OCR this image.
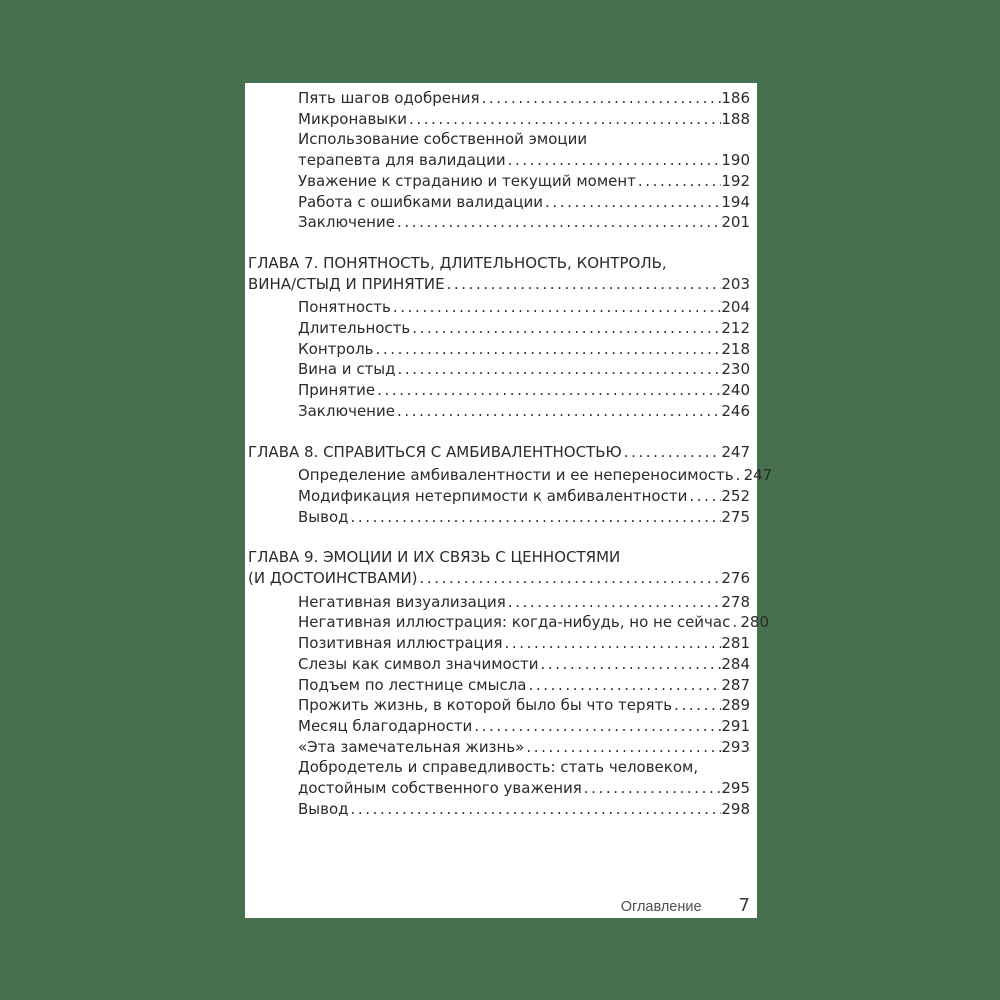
Пять шагов одобрения .....	186
Микронавыки .....	188
Использование собственной эмоции
терапевта для валидации .....	190
Уважение к страданию и текущий момент .....	192
Работа с ошибками валидации .....	194
Заключение .....	201
ГЛАВА 7. ПОНЯТНОСТЬ, ДЛИТЕЛЬНОСТЬ, КОНТРОЛЬ,
ВИНА/СТЫД И ПРИНЯТИЕ .....	203
Понятность .....	204
Длительность .....	212
Контроль .....	218
Вина и стыд .....	230
Принятие .....	240
Заключение .....	246
ГЛАВА 8. СПРАВИТЬСЯ С АМБИВАЛЕНТНОСТЬЮ .....	247
Определение амбивалентности и ее непереносимость ..... 247
Модификация нетерпимости к амбивалентности ..... 252
Вывод .....	275
ГЛАВА 9. ЭМОЦИИ И ИХ СВЯЗЬ С ЦЕННОСТЯМИ
(И ДОСТОИНСТВАМИ) .....	276
Негативная визуализация .....	278
Негативная иллюстрация: когда-нибудь, но не сейчас ..... 280
Позитивная иллюстрация .....	281
Слезы как символ значимости .....	284
Подъем по лестнице смысла .....	287
Прожить жизнь, в которой было бы что терять .....	289
Месяц благодарности .....	291
«Эта замечательная жизнь» .....	293
Добродетель и справедливость: стать человеком,
достойным собственного уважения .....	295
Вывод .....	298
Оглавление 7
